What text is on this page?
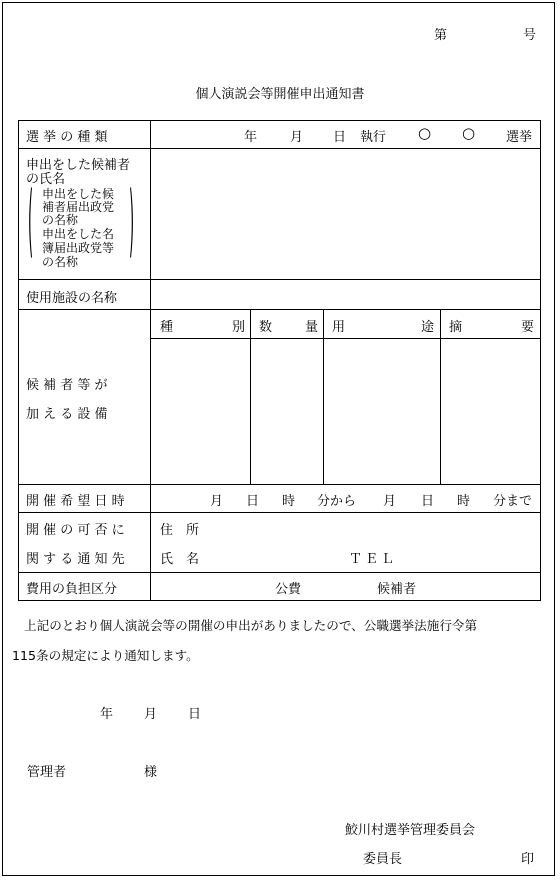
第	号
個人演説会等開催申出通知書
選 挙 の 種 類	年	月 日 執行 ○ ○ 選挙
申出をした候補者
の氏名
( 申出をした候
補者届出政党
の名称
申出をした名
簿届出政党等
の名称	)
使用施設の名称
候 補 者 等 が
加 え る 設 備
種	別 数	量 用	途 摘	要
開 催 希 望 日 時	月 日 時 分から 月 日 時 分まで
開 催 の 可 否 に
関 す る 通 知 先
住　所
氏　名	ＴＥＬ
費用の負担区分	公費	候補者
上記のとおり個人演説会等の開催の申出がありましたので、公職選挙法施行令第
115条の規定により通知します。
年 月 日
管理者	様
鮫川村選挙管理委員会
委員長	印
